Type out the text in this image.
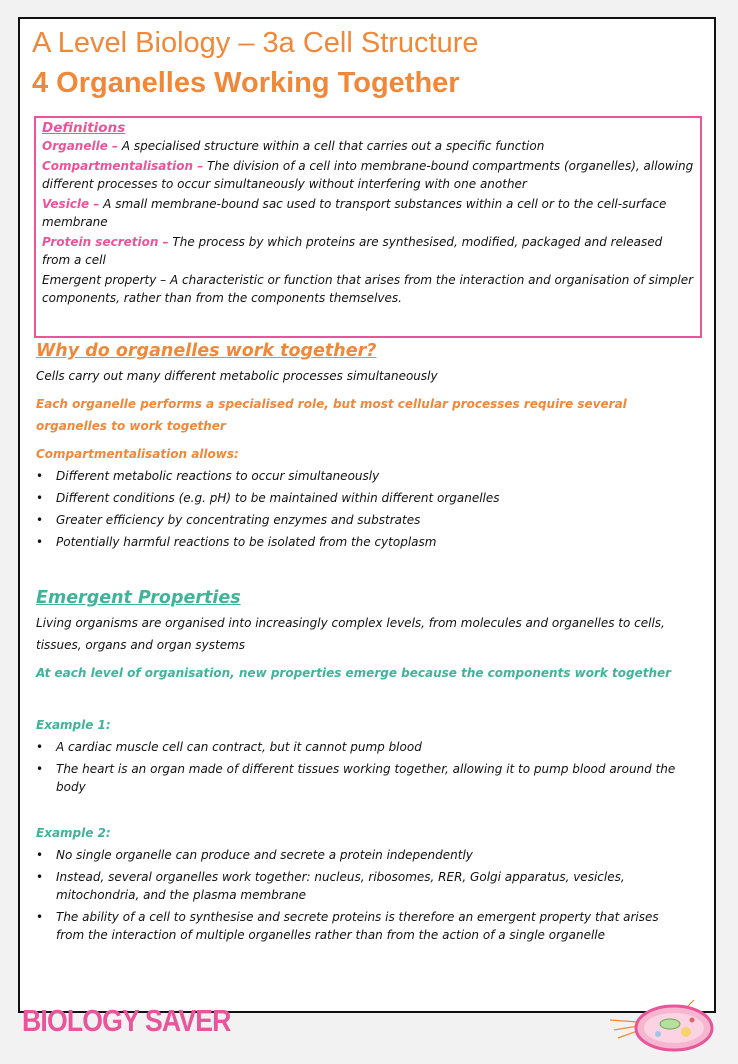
A Level Biology – 3a Cell Structure
4 Organelles Working Together
Definitions

Organelle – A specialised structure within a cell that carries out a specific function

Compartmentalisation – The division of a cell into membrane-bound compartments (organelles), allowing different processes to occur simultaneously without interfering with one another

Vesicle – A small membrane-bound sac used to transport substances within a cell or to the cell-surface membrane

Protein secretion – The process by which proteins are synthesised, modified, packaged and released from a cell

Emergent property – A characteristic or function that arises from the interaction and organisation of simpler components, rather than from the components themselves.

Why do organelles work together?

Cells carry out many different metabolic processes simultaneously

Each organelle performs a specialised role, but most cellular processes require several organelles to work together

Compartmentalisation allows:

• Different metabolic reactions to occur simultaneously
• Different conditions (e.g. pH) to be maintained within different organelles
• Greater efficiency by concentrating enzymes and substrates
• Potentially harmful reactions to be isolated from the cytoplasm
Emergent Properties

Living organisms are organised into increasingly complex levels, from molecules and organelles to cells, tissues, organs and organ systems

At each level of organisation, new properties emerge because the components work together

Example 1:

• A cardiac muscle cell can contract, but it cannot pump blood
• The heart is an organ made of different tissues working together, allowing it to pump blood around the body

Example 2:

• No single organelle can produce and secrete a protein independently
• Instead, several organelles work together: nucleus, ribosomes, RER, Golgi apparatus, vesicles, mitochondria, and the plasma membrane
• The ability of a cell to synthesise and secrete proteins is therefore an emergent property that arises from the interaction of multiple organelles rather than from the action of a single organelle
BIOLOGY SAVER
